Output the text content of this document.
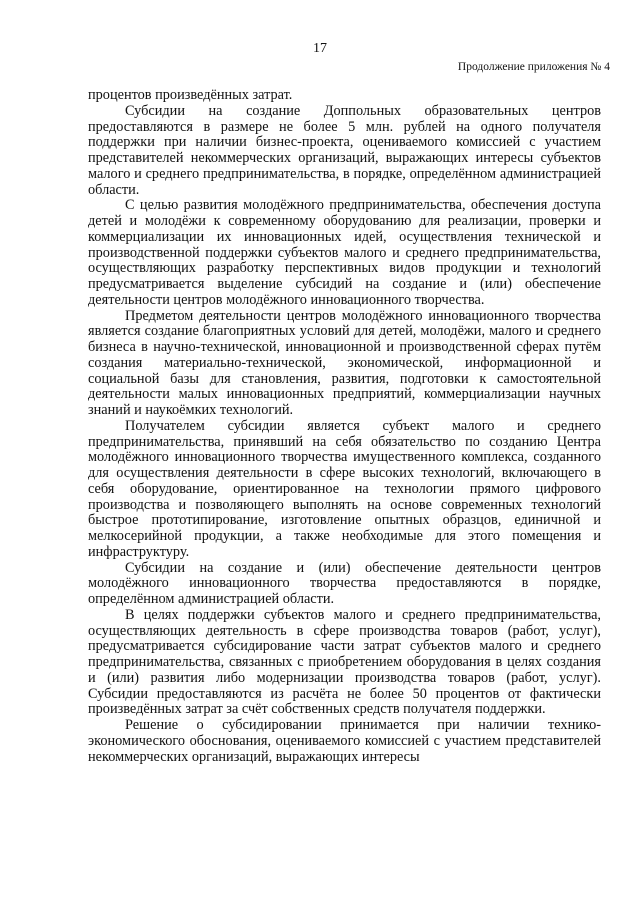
17
Продолжение приложения № 4

процентов произведённых затрат.

Субсидии на создание Доппольных образовательных центров предоставляются в размере не более 5 млн. рублей на одного получателя поддержки при наличии бизнес-проекта, оцениваемого комиссией с участием представителей некоммерческих организаций, выражающих интересы субъектов малого и среднего предпринимательства, в порядке, определённом администрацией области.

С целью развития молодёжного предпринимательства, обеспечения доступа детей и молодёжи к современному оборудованию для реализации, проверки и коммерциализации их инновационных идей, осуществления технической и производственной поддержки субъектов малого и среднего предпринимательства, осуществляющих разработку перспективных видов продукции и технологий предусматривается выделение субсидий на создание и (или) обеспечение деятельности центров молодёжного инновационного творчества.

Предметом деятельности центров молодёжного инновационного творчества является создание благоприятных условий для детей, молодёжи, малого и среднего бизнеса в научно-технической, инновационной и производственной сферах путём создания материально-технической, экономической, информационной и социальной базы для становления, развития, подготовки к самостоятельной деятельности малых инновационных предприятий, коммерциализации научных знаний и наукоёмких технологий.

Получателем субсидии является субъект малого и среднего предпринимательства, принявший на себя обязательство по созданию Центра молодёжного инновационного творчества имущественного комплекса, созданного для осуществления деятельности в сфере высоких технологий, включающего в себя оборудование, ориентированное на технологии прямого цифрового производства и позволяющего выполнять на основе современных технологий быстрое прототипирование, изготовление опытных образцов, единичной и мелкосерийной продукции, а также необходимые для этого помещения и инфраструктуру.

Субсидии на создание и (или) обеспечение деятельности центров молодёжного инновационного творчества предоставляются в порядке, определённом администрацией области.

В целях поддержки субъектов малого и среднего предпринимательства, осуществляющих деятельность в сфере производства товаров (работ, услуг), предусматривается субсидирование части затрат субъектов малого и среднего предпринимательства, связанных с приобретением оборудования в целях создания и (или) развития либо модернизации производства товаров (работ, услуг). Субсидии предоставляются из расчёта не более 50 процентов от фактически произведённых затрат за счёт собственных средств получателя поддержки.

Решение о субсидировании принимается при наличии технико-экономического обоснования, оцениваемого комиссией с участием представителей некоммерческих организаций, выражающих интересы
